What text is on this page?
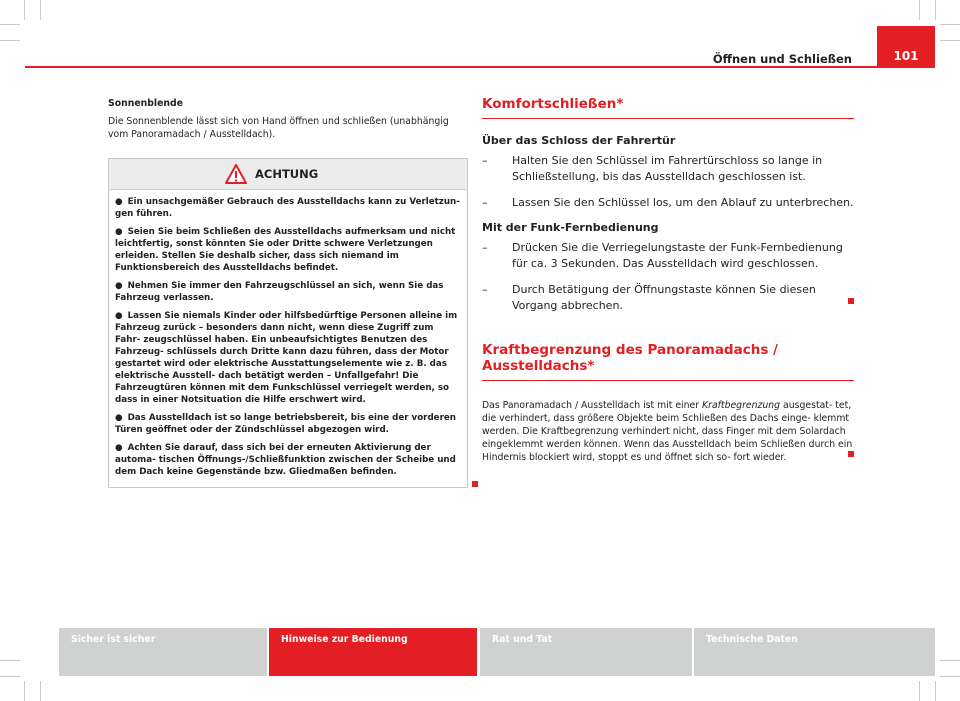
Öffnen und Schließen	101

Sonnenblende

Die Sonnenblende lässt sich von Hand öffnen und schließen (unabhängig vom Panoramadach / Ausstelldach).

ACHTUNG

● Ein unsachgemäßer Gebrauch des Ausstelldachs kann zu Verletzun- gen führen.

● Seien Sie beim Schließen des Ausstelldachs aufmerksam und nicht leichtfertig, sonst könnten Sie oder Dritte schwere Verletzungen erleiden. Stellen Sie deshalb sicher, dass sich niemand im Funktionsbereich des Ausstelldachs befindet.

● Nehmen Sie immer den Fahrzeugschlüssel an sich, wenn Sie das Fahrzeug verlassen.

● Lassen Sie niemals Kinder oder hilfsbedürftige Personen alleine im Fahrzeug zurück – besonders dann nicht, wenn diese Zugriff zum Fahr- zeugschlüssel haben. Ein unbeaufsichtigtes Benutzen des Fahrzeug- schlüssels durch Dritte kann dazu führen, dass der Motor gestartet wird oder elektrische Ausstattungselemente wie z. B. das elektrische Ausstell- dach betätigt werden – Unfallgefahr! Die Fahrzeugtüren können mit dem Funkschlüssel verriegelt werden, so dass in einer Notsituation die Hilfe erschwert wird.

● Das Ausstelldach ist so lange betriebsbereit, bis eine der vorderen Türen geöffnet oder der Zündschlüssel abgezogen wird.

● Achten Sie darauf, dass sich bei der erneuten Aktivierung der automa- tischen Öffnungs-/Schließfunktion zwischen der Scheibe und dem Dach keine Gegenstände bzw. Gliedmaßen befinden.

Komfortschließen*

Über das Schloss der Fahrertür

– Halten Sie den Schlüssel im Fahrertürschloss so lange in Schließstellung, bis das Ausstelldach geschlossen ist.

– Lassen Sie den Schlüssel los, um den Ablauf zu unterbrechen.

Mit der Funk-Fernbedienung

– Drücken Sie die Verriegelungstaste der Funk-Fernbedienung für ca. 3 Sekunden. Das Ausstelldach wird geschlossen.

– Durch Betätigung der Öffnungstaste können Sie diesen Vorgang abbrechen.

Kraftbegrenzung des Panoramadachs / Ausstelldachs*

Das Panoramadach / Ausstelldach ist mit einer Kraftbegrenzung ausgestat- tet, die verhindert, dass größere Objekte beim Schließen des Dachs einge- klemmt werden. Die Kraftbegrenzung verhindert nicht, dass Finger mit dem Solardach eingeklemmt werden können. Wenn das Ausstelldach beim Schließen durch ein Hindernis blockiert wird, stoppt es und öffnet sich so- fort wieder.

Sicher ist sicher	Hinweise zur Bedienung	Rat und Tat	Technische Daten
